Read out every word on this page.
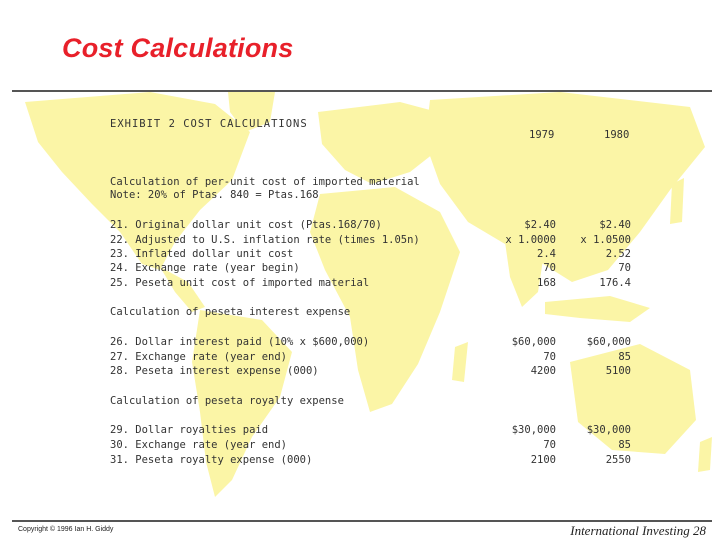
Cost Calculations
EXHIBIT 2 COST CALCULATIONS
1979	1980
Calculation of per-unit cost of imported material
Note: 20% of Ptas. 840 = Ptas.168
21. Original dollar unit cost (Ptas.168/70)	$2.40	$2.40
22. Adjusted to U.S. inflation rate (times 1.05n)	x 1.0000	x 1.0500
23. Inflated dollar unit cost	2.4	2.52
24. Exchange rate (year begin)	70	70
25. Peseta unit cost of imported material	168	176.4
Calculation of peseta interest expense
26. Dollar interest paid (10% x $600,000)	$60,000	$60,000
27. Exchange rate (year end)	70	85
28. Peseta interest expense (000)	4200	5100
Calculation of peseta royalty expense
29. Dollar royalties paid	$30,000	$30,000
30. Exchange rate (year end)	70	85
31. Peseta royalty expense (000)	2100	2550
Copyright © 1996 Ian H. Giddy	International Investing 28
